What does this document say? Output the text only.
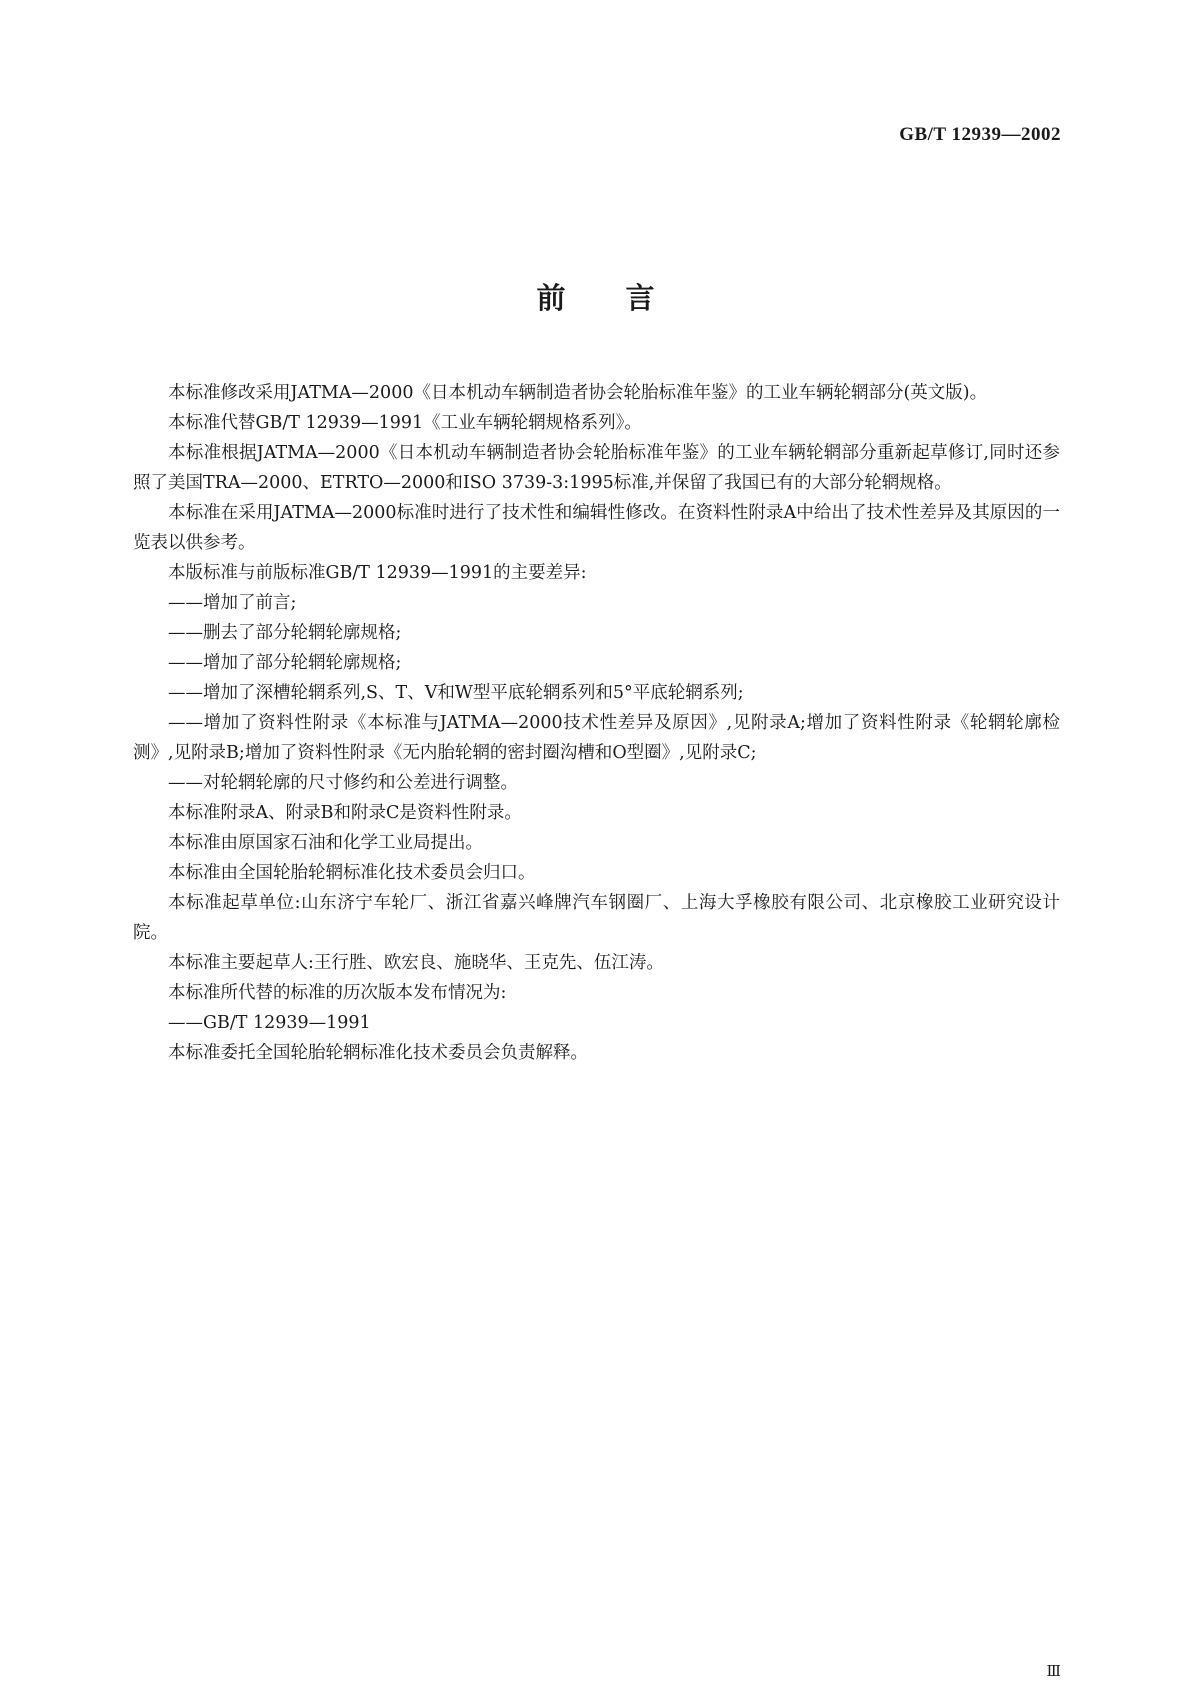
GB/T 12939—2002
前言

本标准修改采用JATMA—2000《日本机动车辆制造者协会轮胎标准年鉴》的工业车辆轮辋部分(英文版)。

本标准代替GB/T 12939—1991《工业车辆轮辋规格系列》。

本标准根据JATMA—2000《日本机动车辆制造者协会轮胎标准年鉴》的工业车辆轮辋部分重新起草修订,同时还参照了美国TRA—2000、ETRTO—2000和ISO 3739-3:1995标准,并保留了我国已有的大部分轮辋规格。

本标准在采用JATMA—2000标准时进行了技术性和编辑性修改。在资料性附录A中给出了技术性差异及其原因的一览表以供参考。

本版标准与前版标准GB/T 12939—1991的主要差异:

——增加了前言;

——删去了部分轮辋轮廓规格;

——增加了部分轮辋轮廓规格;

——增加了深槽轮辋系列,S、T、V和W型平底轮辋系列和5°平底轮辋系列;

——增加了资料性附录《本标准与JATMA—2000技术性差异及原因》,见附录A;增加了资料性附录《轮辋轮廓检测》,见附录B;增加了资料性附录《无内胎轮辋的密封圈沟槽和O型圈》,见附录C;

——对轮辋轮廓的尺寸修约和公差进行调整。

本标准附录A、附录B和附录C是资料性附录。

本标准由原国家石油和化学工业局提出。

本标准由全国轮胎轮辋标准化技术委员会归口。

本标准起草单位:山东济宁车轮厂、浙江省嘉兴峰牌汽车钢圈厂、上海大孚橡胶有限公司、北京橡胶工业研究设计院。

本标准主要起草人:王行胜、欧宏良、施晓华、王克先、伍江涛。

本标准所代替的标准的历次版本发布情况为:

——GB/T 12939—1991

本标准委托全国轮胎轮辋标准化技术委员会负责解释。

Ⅲ
